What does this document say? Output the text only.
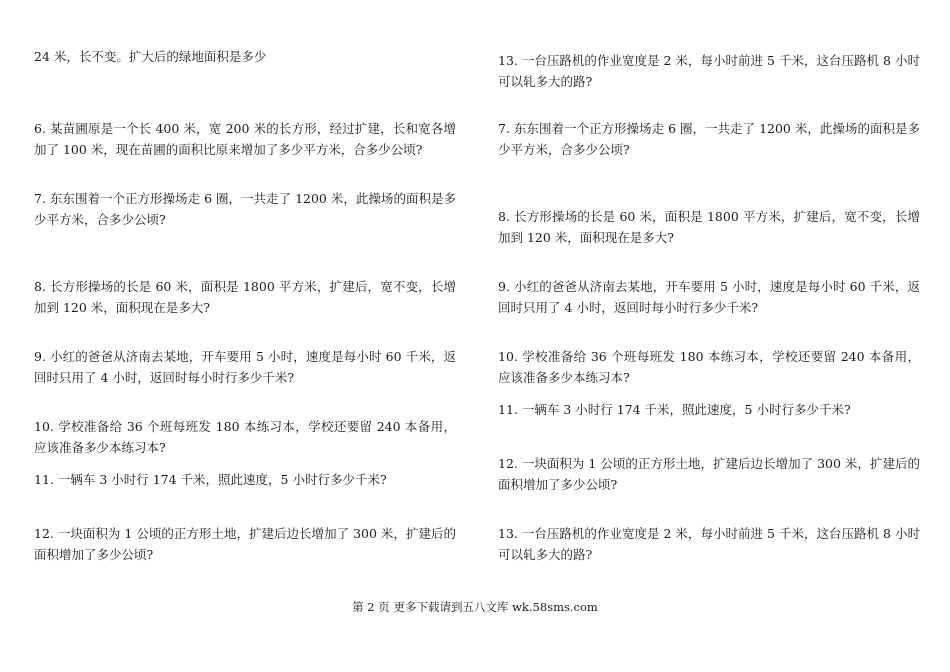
24 米，长不变。扩大后的绿地面积是多少

6. 某苗圃原是一个长 400 米，宽 200 米的长方形，经过扩建，长和宽各增加了 100 米，现在苗圃的面积比原来增加了多少平方米，合多少公顷?

7. 东东围着一个正方形操场走 6 圈，一共走了 1200 米，此操场的面积是多少平方米，合多少公顷?

8. 长方形操场的长是 60 米，面积是 1800 平方米，扩建后，宽不变，长增加到 120 米，面积现在是多大?

9. 小红的爸爸从济南去某地，开车要用 5 小时，速度是每小时 60 千米，返回时只用了 4 小时，返回时每小时行多少千米?

10. 学校准备给 36 个班每班发 180 本练习本，学校还要留 240 本备用，应该准备多少本练习本?

11. 一辆车 3 小时行 174 千米，照此速度，5 小时行多少千米?

12. 一块面积为 1 公顷的正方形土地，扩建后边长增加了 300 米，扩建后的面积增加了多少公顷?

13. 一台压路机的作业宽度是 2 米，每小时前进 5 千米，这台压路机 8 小时可以轧多大的路?

7. 东东围着一个正方形操场走 6 圈，一共走了 1200 米，此操场的面积是多少平方米，合多少公顷?

8. 长方形操场的长是 60 米，面积是 1800 平方米，扩建后，宽不变，长增加到 120 米，面积现在是多大?

9. 小红的爸爸从济南去某地，开车要用 5 小时，速度是每小时 60 千米，返回时只用了 4 小时，返回时每小时行多少千米?

10. 学校准备给 36 个班每班发 180 本练习本，学校还要留 240 本备用，应该准备多少本练习本?

11. 一辆车 3 小时行 174 千米，照此速度，5 小时行多少千米?

12. 一块面积为 1 公顷的正方形土地，扩建后边长增加了 300 米，扩建后的面积增加了多少公顷?

13. 一台压路机的作业宽度是 2 米，每小时前进 5 千米，这台压路机 8 小时可以轧多大的路?

第 2 页 更多下载请到五八文库 wk.58sms.com
